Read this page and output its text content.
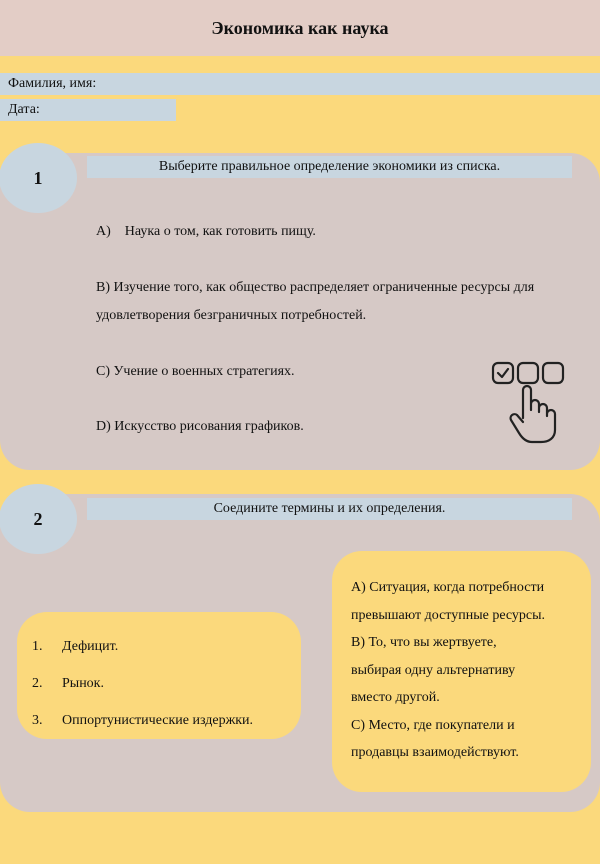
Экономика как наука
Фамилия, имя:
Дата:
Выберите правильное определение экономики из списка.
А)    Наука о том, как готовить пищу.
В) Изучение того, как общество распределяет ограниченные ресурсы для
удовлетворения безграничных потребностей.
С) Учение о военных стратегиях.
D) Искусство рисования графиков.
1
Соедините термины и их определения.
1.	Дефицит.
2.	Рынок.
3.	Оппортунистические издержки.
А) Ситуация, когда потребности
превышают доступные ресурсы.
В) То, что вы жертвуете,
выбирая одну альтернативу
вместо другой.
С) Место, где покупатели и
продавцы взаимодействуют.
2
